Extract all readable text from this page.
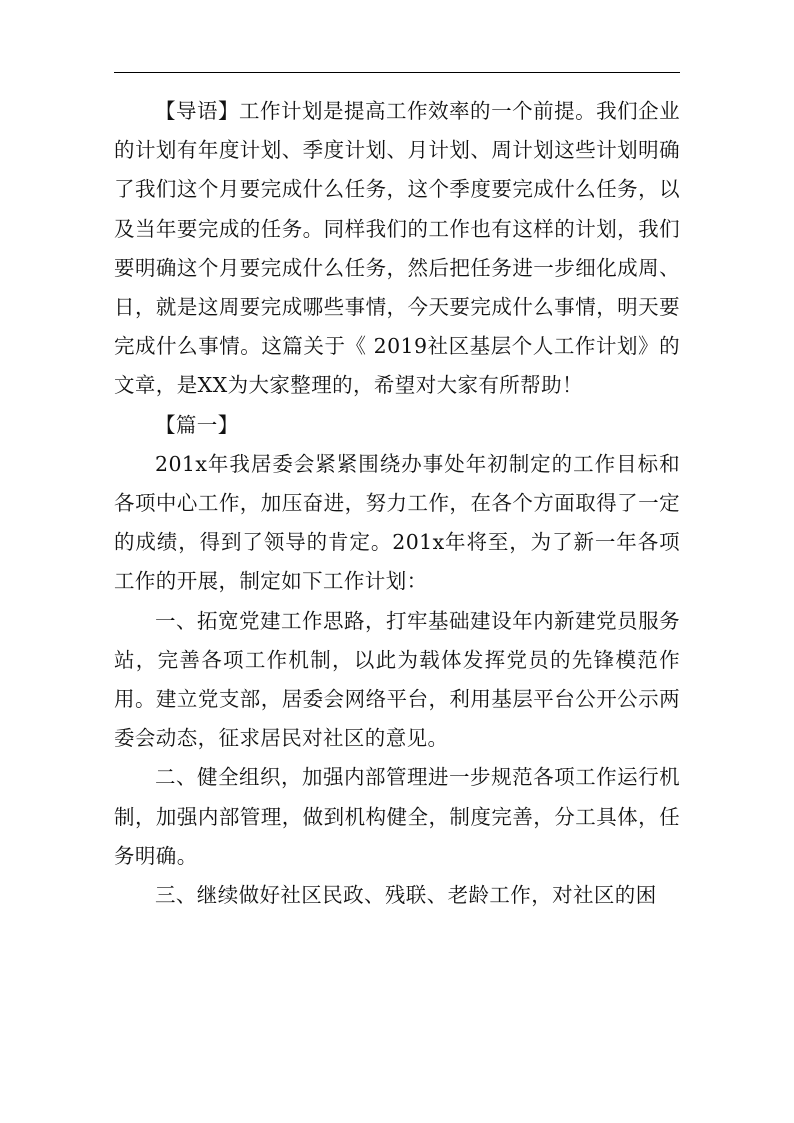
【导语】工作计划是提高工作效率的一个前提。我们企业的计划有年度计划、季度计划、月计划、周计划这些计划明确了我们这个月要完成什么任务，这个季度要完成什么任务，以及当年要完成的任务。同样我们的工作也有这样的计划，我们要明确这个月要完成什么任务，然后把任务进一步细化成周、日，就是这周要完成哪些事情，今天要完成什么事情，明天要完成什么事情。这篇关于《 2019社区基层个人工作计划》的文章，是XX为大家整理的，希望对大家有所帮助！

【篇一】

201x年我居委会紧紧围绕办事处年初制定的工作目标和各项中心工作，加压奋进，努力工作，在各个方面取得了一定的成绩，得到了领导的肯定。201x年将至，为了新一年各项工作的开展，制定如下工作计划：

一、拓宽党建工作思路，打牢基础建设年内新建党员服务站，完善各项工作机制，以此为载体发挥党员的先锋模范作用。建立党支部，居委会网络平台，利用基层平台公开公示两委会动态，征求居民对社区的意见。

二、健全组织，加强内部管理进一步规范各项工作运行机制，加强内部管理，做到机构健全，制度完善，分工具体，任务明确。

三、继续做好社区民政、残联、老龄工作，对社区的困
